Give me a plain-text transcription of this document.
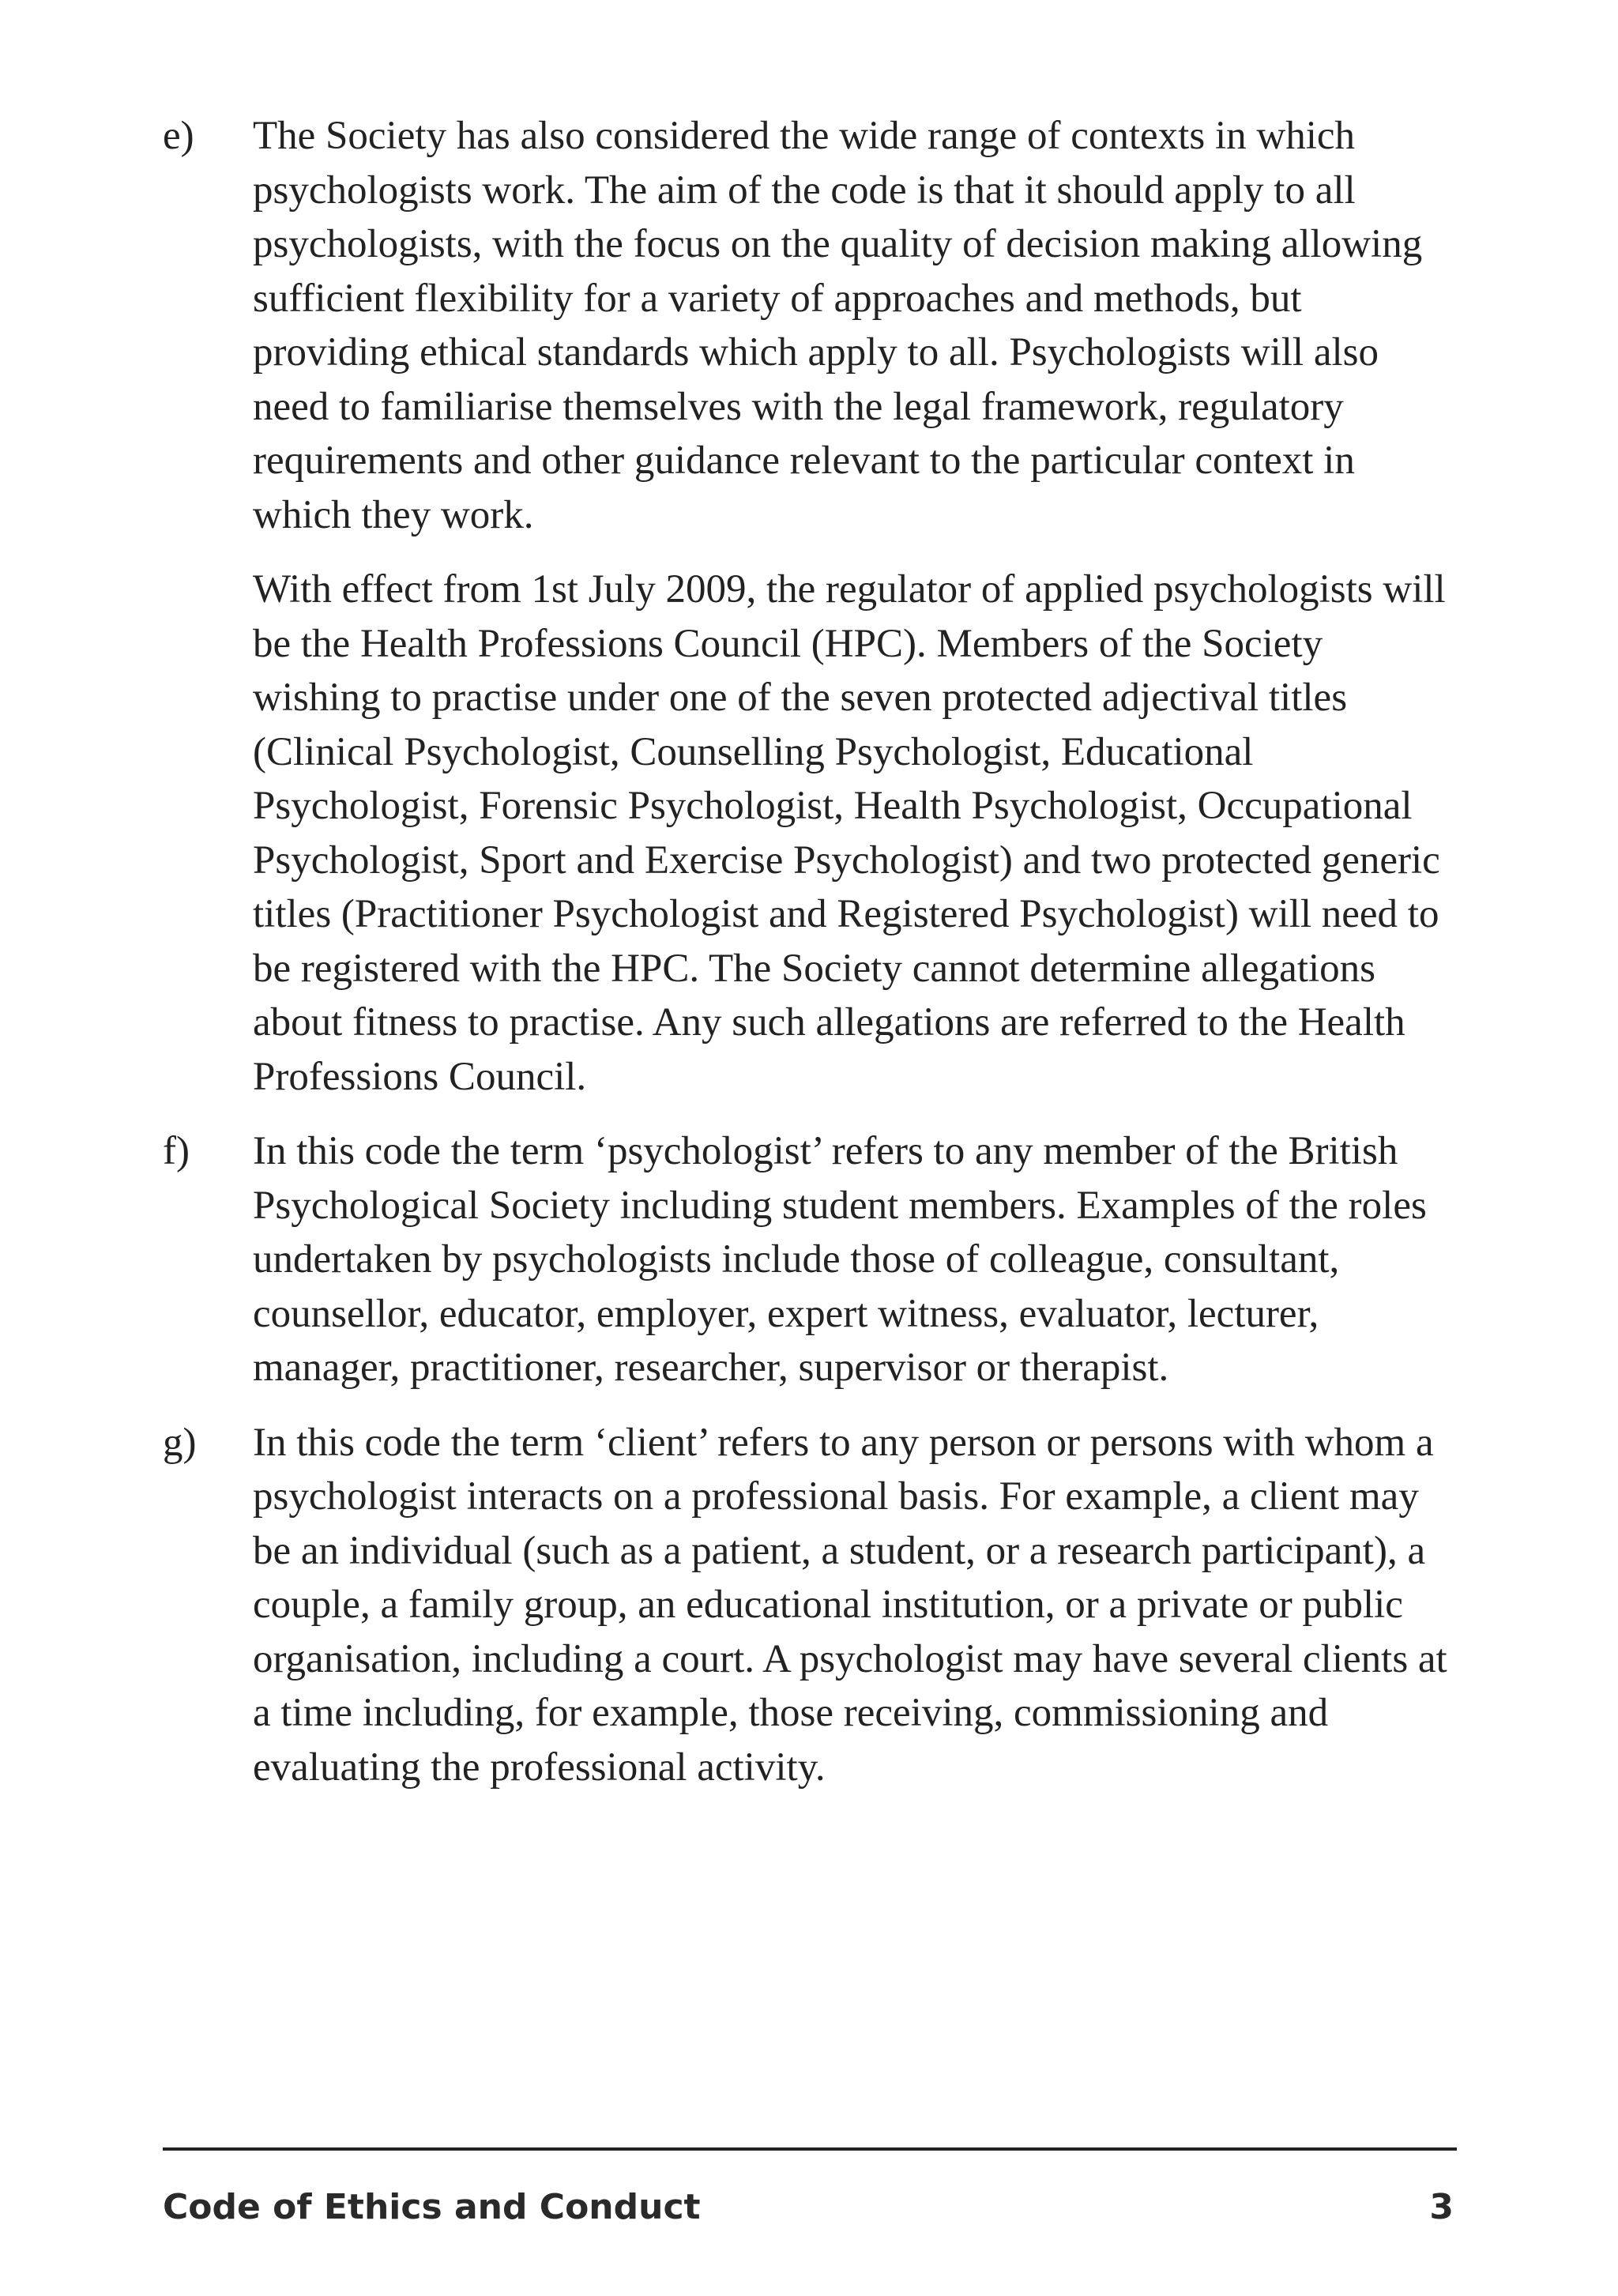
e)	The Society has also considered the wide range of contexts in which psychologists work. The aim of the code is that it should apply to all psychologists, with the focus on the quality of decision making allowing sufficient flexibility for a variety of approaches and methods, but providing ethical standards which apply to all. Psychologists will also need to familiarise themselves with the legal framework, regulatory requirements and other guidance relevant to the particular context in which they work.

With effect from 1st July 2009, the regulator of applied psychologists will be the Health Professions Council (HPC). Members of the Society wishing to practise under one of the seven protected adjectival titles (Clinical Psychologist, Counselling Psychologist, Educational Psychologist, Forensic Psychologist, Health Psychologist, Occupational Psychologist, Sport and Exercise Psychologist) and two protected generic titles (Practitioner Psychologist and Registered Psychologist) will need to be registered with the HPC. The Society cannot determine allegations about fitness to practise. Any such allegations are referred to the Health Professions Council.

f)	In this code the term ‘psychologist’ refers to any member of the British Psychological Society including student members. Examples of the roles undertaken by psychologists include those of colleague, consultant, counsellor, educator, employer, expert witness, evaluator, lecturer, manager, practitioner, researcher, supervisor or therapist.

g)	In this code the term ‘client’ refers to any person or persons with whom a psychologist interacts on a professional basis. For example, a client may be an individual (such as a patient, a student, or a research participant), a couple, a family group, an educational institution, or a private or public organisation, including a court. A psychologist may have several clients at a time including, for example, those receiving, commissioning and evaluating the professional activity.

Code of Ethics and Conduct	3
